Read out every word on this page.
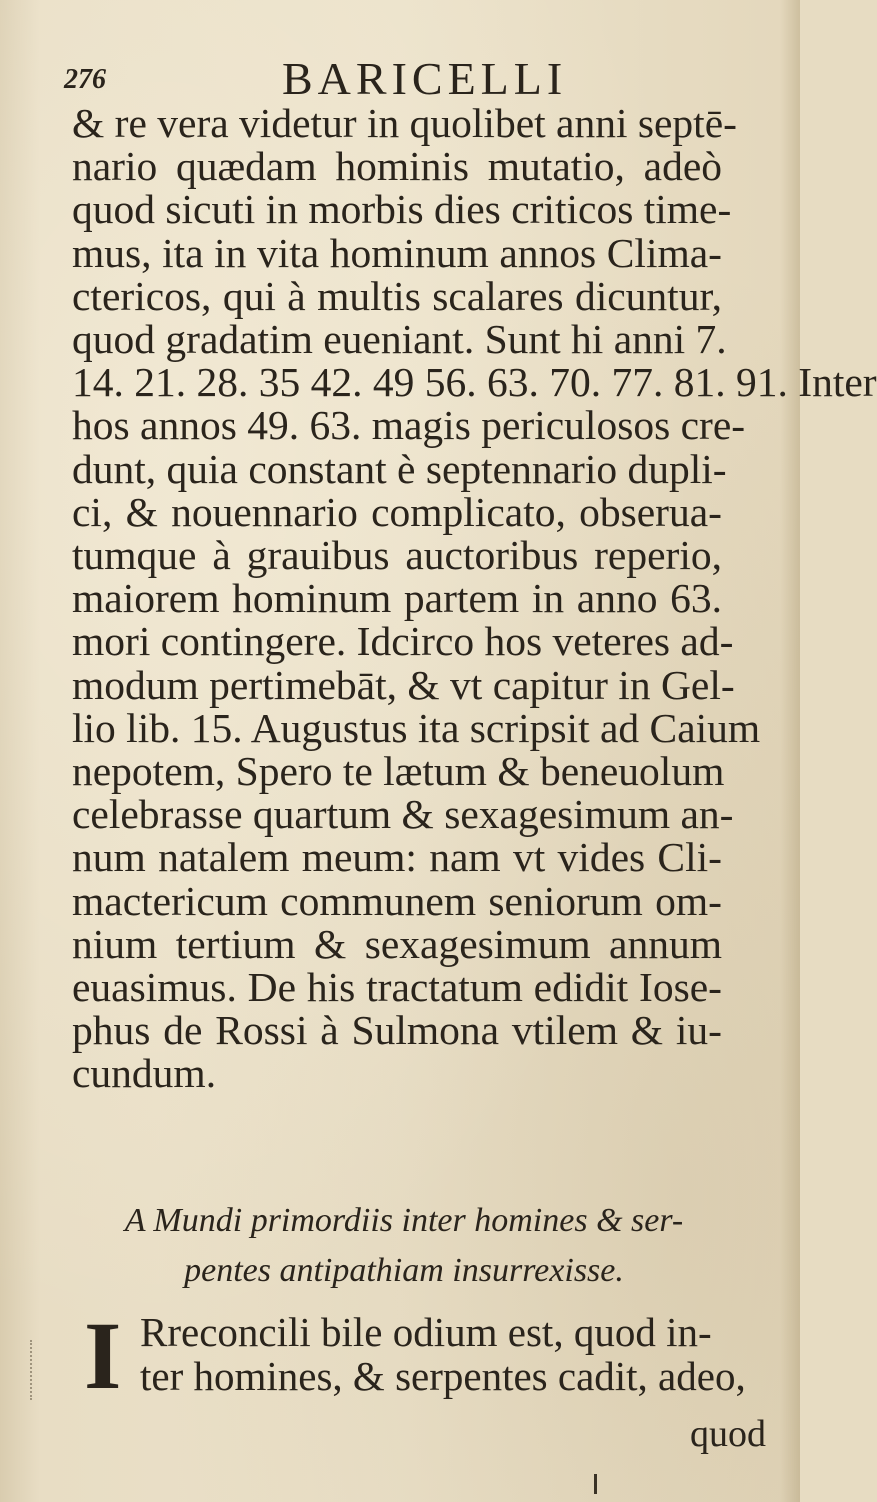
276	BARICELLI
& re vera videtur in quolibet anni septē-
nario quædam hominis mutatio, adeò
quod sicuti in morbis dies criticos time-
mus, ita in vita hominum annos Clima-
ctericos, qui à multis scalares dicuntur,
quod gradatim eueniant. Sunt hi anni 7.
14. 21. 28. 35 42. 49 56. 63. 70. 77. 81. 91. Inter
hos annos 49. 63. magis periculosos cre-
dunt, quia constant è septennario dupli-
ci, & nouennario complicato, obserua-
tumque à grauibus auctoribus reperio,
maiorem hominum partem in anno 63.
mori contingere. Idcirco hos veteres ad-
modum pertimebāt, & vt capitur in Gel-
lio lib. 15. Augustus ita scripsit ad Caium
nepotem, Spero te lætum & beneuolum
celebrasse quartum & sexagesimum an-
num natalem meum: nam vt vides Cli-
mactericum communem seniorum om-
nium tertium & sexagesimum annum
euasimus. De his tractatum edidit Iose-
phus de Rossi à Sulmona vtilem & iu-
cundum.
A Mundi primordiis inter homines & ser-
pentes antipathiam insurrexisse.
I Rreconcili bile odium est, quod in-
ter homines, & serpentes cadit, adeo,
quod
